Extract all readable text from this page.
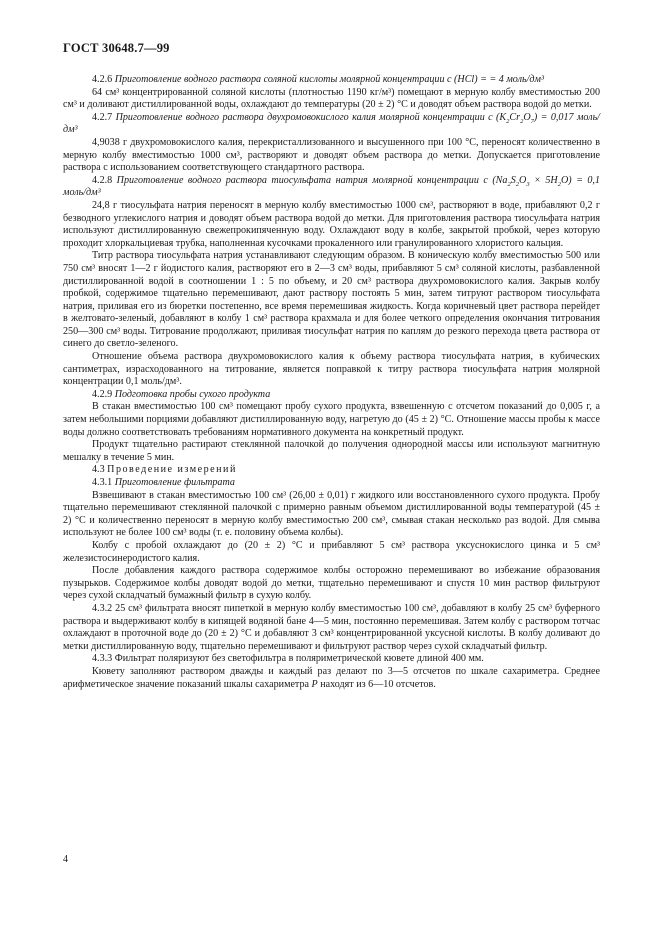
ГОСТ 30648.7—99

4.2.6 Приготовление водного раствора соляной кислоты молярной концентрации с (HCl) = = 4 моль/дм³

64 см³ концентрированной соляной кислоты (плотностью 1190 кг/м³) помещают в мерную колбу вместимостью 200 см³ и доливают дистиллированной воды, охлаждают до температуры (20 ± 2) °С и доводят объем раствора водой до метки.

4.2.7 Приготовление водного раствора двухромовокислого калия молярной концентрации с $(K_2Cr_2O_7) = 0,017$ моль/дм³

4,9038 г двухромовокислого калия, перекристаллизованного и высушенного при 100 °С, переносят количественно в мерную колбу вместимостью 1000 см³, растворяют и доводят объем раствора до метки. Допускается приготовление раствора с использованием соответствующего стандартного раствора.

4.2.8 Приготовление водного раствора тиосульфата натрия молярной концентрации с $(Na_2S_2O_3 \times 5H_2O) = 0,1$ моль/дм³

24,8 г тиосульфата натрия переносят в мерную колбу вместимостью 1000 см³, растворяют в воде, прибавляют 0,2 г безводного углекислого натрия и доводят объем раствора водой до метки. Для приготовления раствора тиосульфата натрия используют дистиллированную свежепрокипяченную воду. Охлаждают воду в колбе, закрытой пробкой, через которую проходит хлоркальциевая трубка, наполненная кусочками прокаленного или гранулированного хлористого кальция.

Титр раствора тиосульфата натрия устанавливают следующим образом. В коническую колбу вместимостью 500 или 750 см³ вносят 1—2 г йодистого калия, растворяют его в 2—3 см³ воды, прибавляют 5 см³ соляной кислоты, разбавленной дистиллированной водой в соотношении 1 : 5 по объему, и 20 см³ раствора двухромовокислого калия. Закрыв колбу пробкой, содержимое тщательно перемешивают, дают раствору постоять 5 мин, затем титруют раствором тиосульфата натрия, приливая его из бюретки постепенно, все время перемешивая жидкость. Когда коричневый цвет раствора перейдет в желтовато-зеленый, добавляют в колбу 1 см³ раствора крахмала и для более четкого определения окончания титрования 250—300 см³ воды. Титрование продолжают, приливая тиосульфат натрия по каплям до резкого перехода цвета раствора от синего до светло-зеленого.

Отношение объема раствора двухромовокислого калия к объему раствора тиосульфата натрия, в кубических сантиметрах, израсходованного на титрование, является поправкой к титру раствора тиосульфата натрия молярной концентрации 0,1 моль/дм³.

4.2.9 Подготовка пробы сухого продукта

В стакан вместимостью 100 см³ помещают пробу сухого продукта, взвешенную с отсчетом показаний до 0,005 г, а затем небольшими порциями добавляют дистиллированную воду, нагретую до (45 ± 2) °С. Отношение массы пробы к массе воды должно соответствовать требованиям нормативного документа на конкретный продукт.

Продукт тщательно растирают стеклянной палочкой до получения однородной массы или используют магнитную мешалку в течение 5 мин.

4.3 Проведение измерений

4.3.1 Приготовление фильтрата

Взвешивают в стакан вместимостью 100 см³ (26,00 ± 0,01) г жидкого или восстановленного сухого продукта. Пробу тщательно перемешивают стеклянной палочкой с примерно равным объемом дистиллированной воды температурой (45 ± 2) °С и количественно переносят в мерную колбу вместимостью 200 см³, смывая стакан несколько раз водой. Для смыва используют не более 100 см³ воды (т. е. половину объема колбы).

Колбу с пробой охлаждают до (20 ± 2) °С и прибавляют 5 см³ раствора уксуснокислого цинка и 5 см³ железистосинеродистого калия.

После добавления каждого раствора содержимое колбы осторожно перемешивают во избежание образования пузырьков. Содержимое колбы доводят водой до метки, тщательно перемешивают и спустя 10 мин раствор фильтруют через сухой складчатый бумажный фильтр в сухую колбу.

4.3.2 25 см³ фильтрата вносят пипеткой в мерную колбу вместимостью 100 см³, добавляют в колбу 25 см³ буферного раствора и выдерживают колбу в кипящей водяной бане 4—5 мин, постоянно перемешивая. Затем колбу с раствором тотчас охлаждают в проточной воде до (20 ± 2) °С и добавляют 3 см³ концентрированной уксусной кислоты. В колбу доливают до метки дистиллированную воду, тщательно перемешивают и фильтруют раствор через сухой складчатый фильтр.

4.3.3 Фильтрат поляризуют без светофильтра в поляриметрической кювете длиной 400 мм.

Кювету заполняют раствором дважды и каждый раз делают по 3—5 отсчетов по шкале сахариметра. Среднее арифметическое значение показаний шкалы сахариметра Р находят из 6—10 отсчетов.

4
